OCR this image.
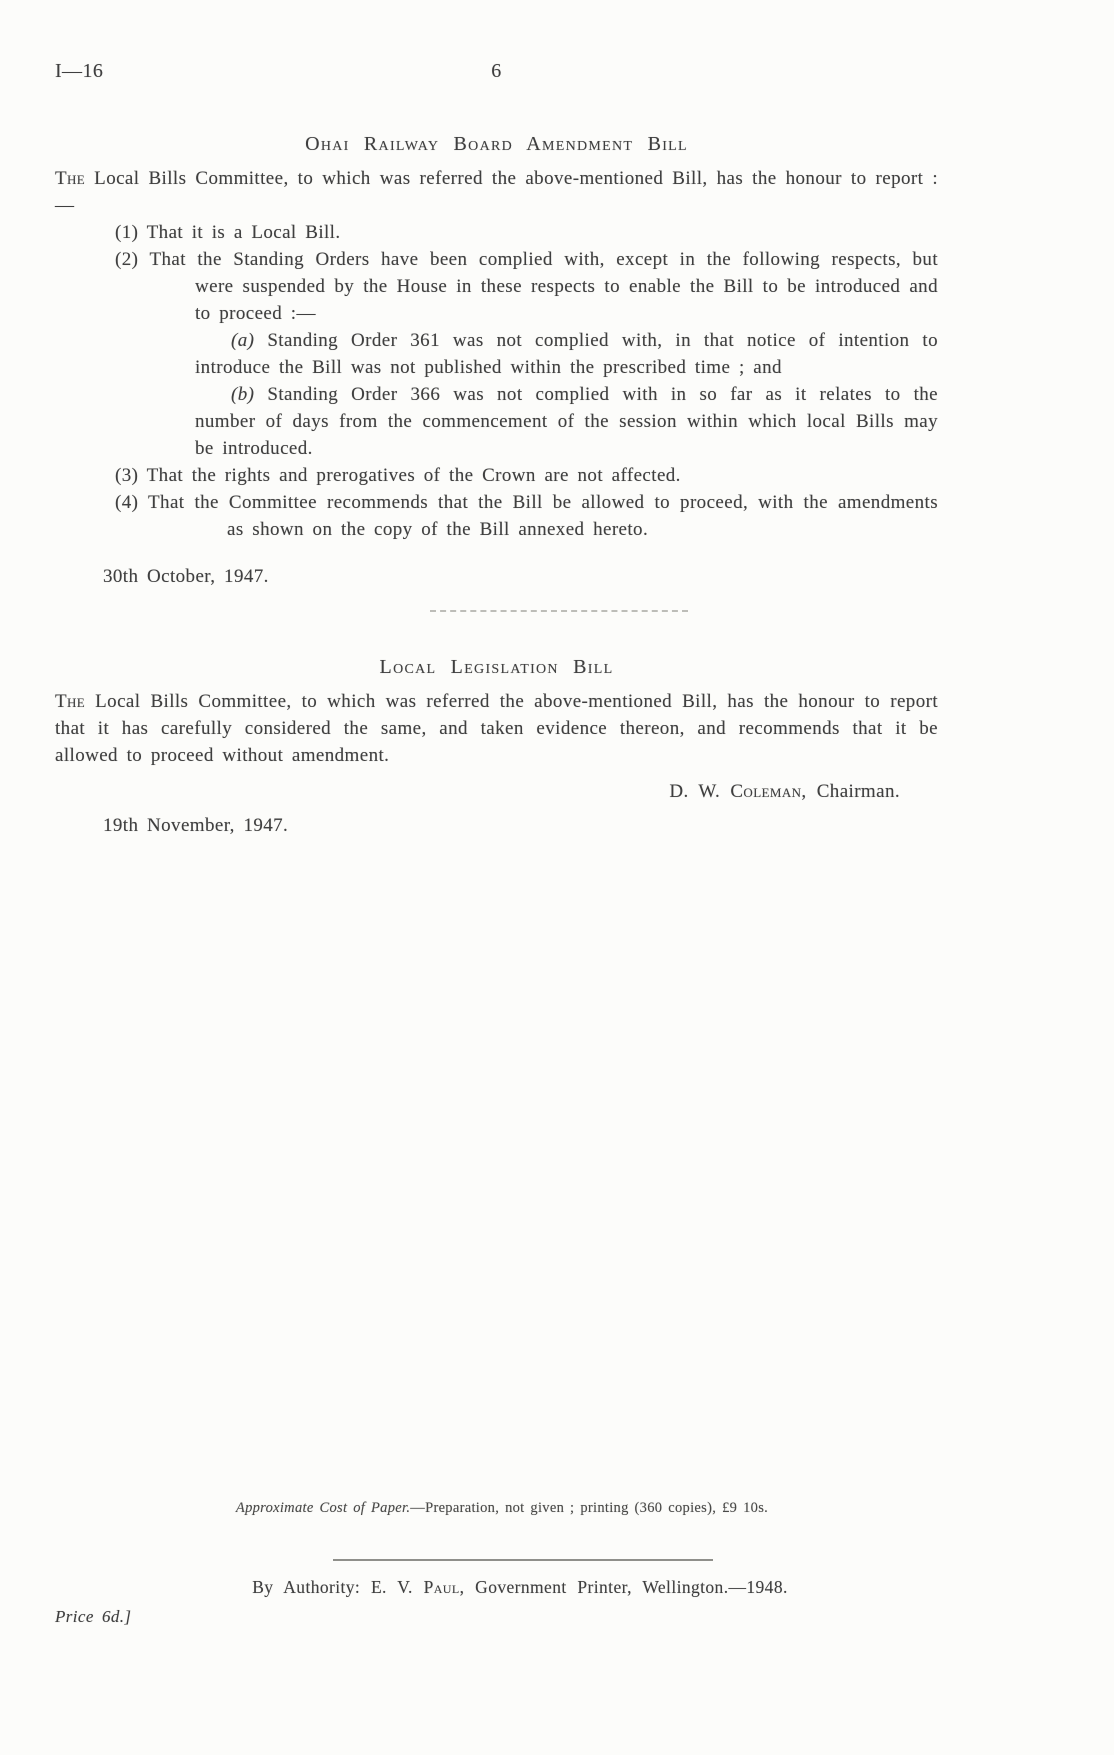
I—16	6
Ohai Railway Board Amendment Bill

The Local Bills Committee, to which was referred the above-mentioned Bill, has the honour to report :—

(1) That it is a Local Bill.
(2) That the Standing Orders have been complied with, except in the following respects, but were suspended by the House in these respects to enable the Bill to be introduced and to proceed :—
(a) Standing Order 361 was not complied with, in that notice of intention to introduce the Bill was not published within the prescribed time ; and
(b) Standing Order 366 was not complied with in so far as it relates to the number of days from the commencement of the session within which local Bills may be introduced.
(3) That the rights and prerogatives of the Crown are not affected.
(4) That the Committee recommends that the Bill be allowed to proceed, with the amendments as shown on the copy of the Bill annexed hereto.

30th October, 1947.

Local Legislation Bill

The Local Bills Committee, to which was referred the above-mentioned Bill, has the honour to report that it has carefully considered the same, and taken evidence thereon, and recommends that it be allowed to proceed without amendment.

D. W. Coleman, Chairman.

19th November, 1947.

Approximate Cost of Paper.—Preparation, not given ; printing (360 copies), £9 10s.

By Authority: E. V. Paul, Government Printer, Wellington.—1948.

Price 6d.]
